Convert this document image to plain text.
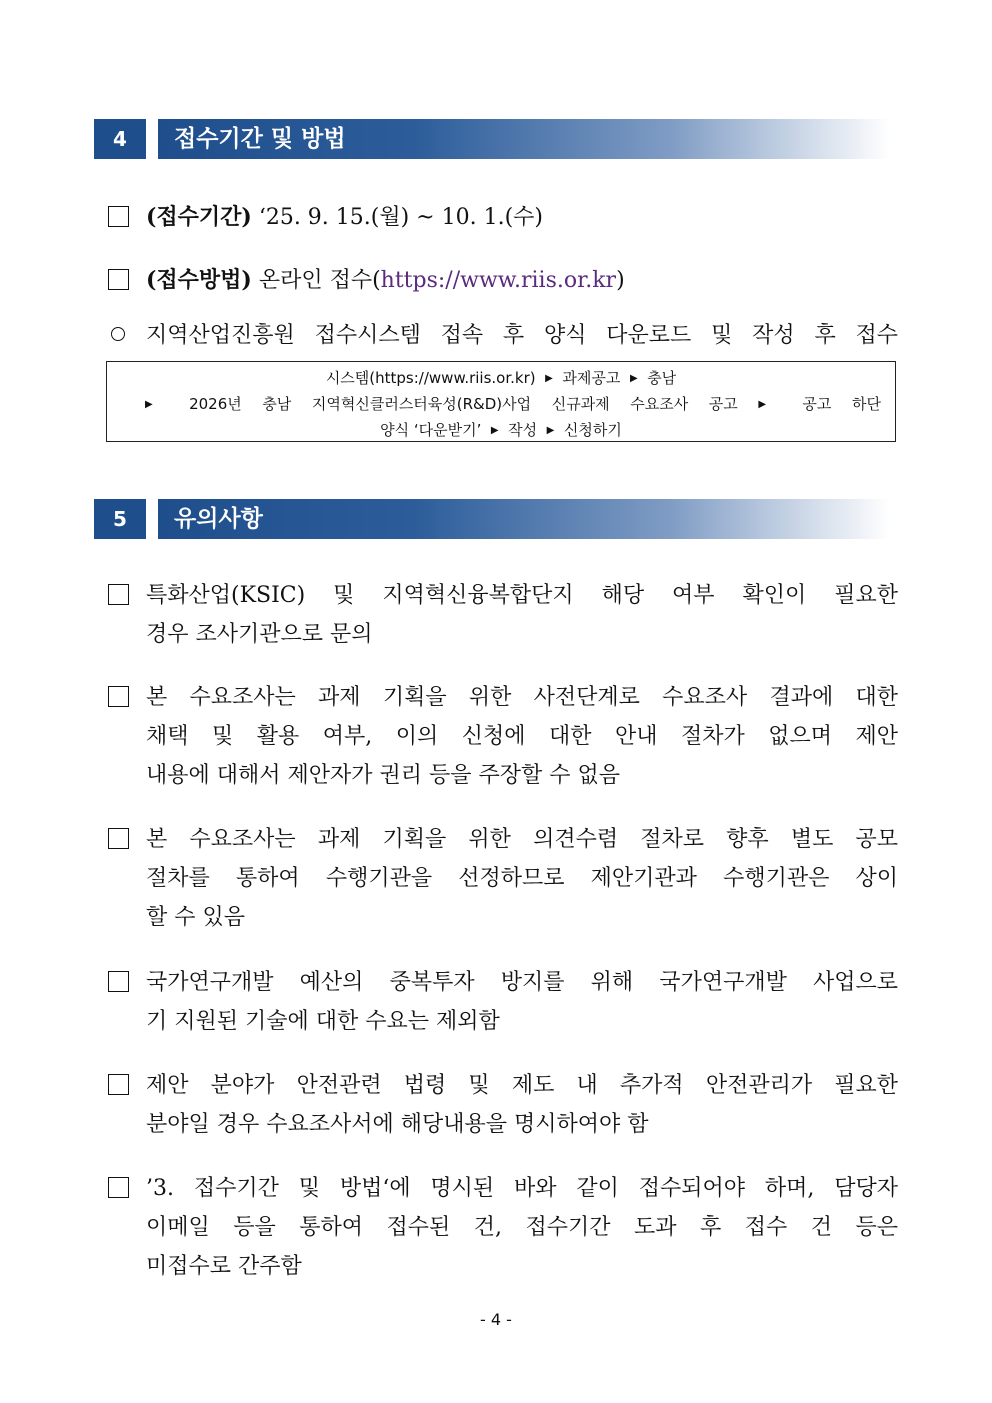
4	접수기간 및 방법
(접수기간) ‘25. 9. 15.(월) ~ 10. 1.(수)
(접수방법) 온라인 접수(https://www.riis.or.kr)
지역산업진흥원 접수시스템 접속 후 양식 다운로드 및 작성 후 접수
시스템(https://www.riis.or.kr) ▶ 과제공고 ▶ 충남
▶ 2026년 충남 지역혁신클러스터육성(R&D)사업 신규과제 수요조사 공고 ▶ 공고 하단
양식 ‘다운받기’ ▶ 작성 ▶ 신청하기
5	유의사항
특화산업(KSIC) 및 지역혁신융복합단지 해당 여부 확인이 필요한
경우 조사기관으로 문의
본 수요조사는 과제 기획을 위한 사전단계로 수요조사 결과에 대한
채택 및 활용 여부, 이의 신청에 대한 안내 절차가 없으며 제안
내용에 대해서 제안자가 권리 등을 주장할 수 없음
본 수요조사는 과제 기획을 위한 의견수렴 절차로 향후 별도 공모
절차를 통하여 수행기관을 선정하므로 제안기관과 수행기관은 상이
할 수 있음
국가연구개발 예산의 중복투자 방지를 위해 국가연구개발 사업으로
기 지원된 기술에 대한 수요는 제외함
제안 분야가 안전관련 법령 및 제도 내 추가적 안전관리가 필요한
분야일 경우 수요조사서에 해당내용을 명시하여야 함
’3. 접수기간 및 방법‘에 명시된 바와 같이 접수되어야 하며, 담당자
이메일 등을 통하여 접수된 건, 접수기간 도과 후 접수 건 등은
미접수로 간주함
- 4 -
